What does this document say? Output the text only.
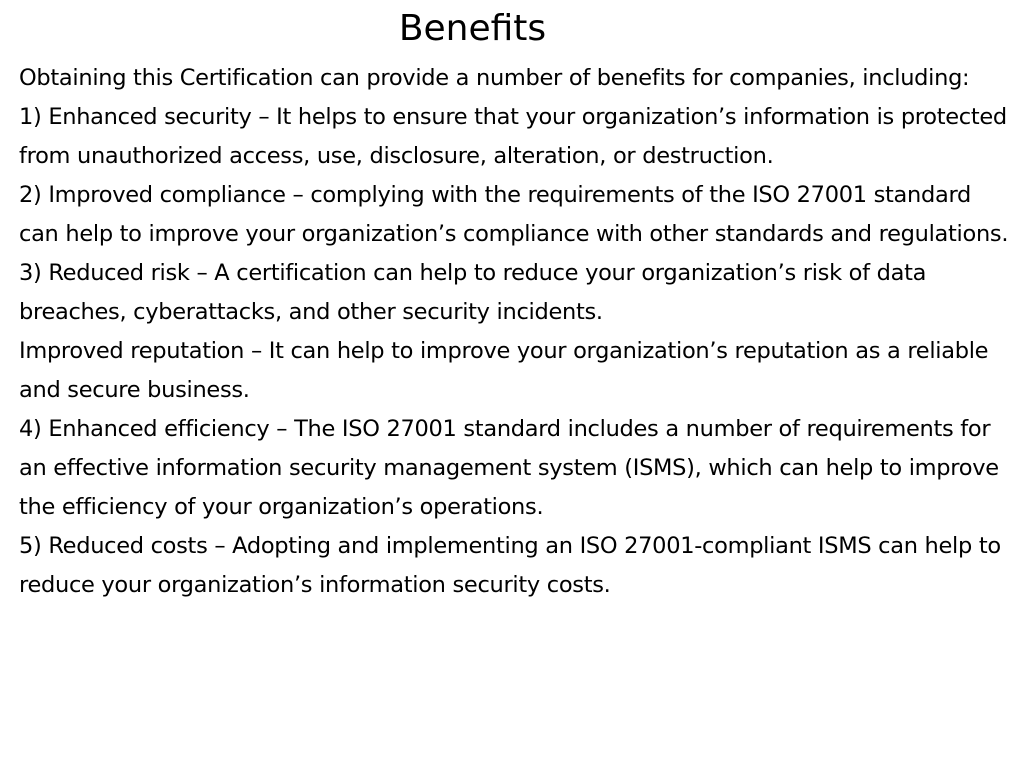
Benefits

Obtaining this Certification can provide a number of benefits for companies, including:

1) Enhanced security – It helps to ensure that your organization’s information is protected from unauthorized access, use, disclosure, alteration, or destruction.

2) Improved compliance – complying with the requirements of the ISO 27001 standard can help to improve your organization’s compliance with other standards and regulations.

3) Reduced risk – A certification can help to reduce your organization’s risk of data breaches, cyberattacks, and other security incidents.

Improved reputation – It can help to improve your organization’s reputation as a reliable and secure business.

4) Enhanced efficiency – The ISO 27001 standard includes a number of requirements for an effective information security management system (ISMS), which can help to improve the efficiency of your organization’s operations.

5) Reduced costs – Adopting and implementing an ISO 27001-compliant ISMS can help to reduce your organization’s information security costs.
